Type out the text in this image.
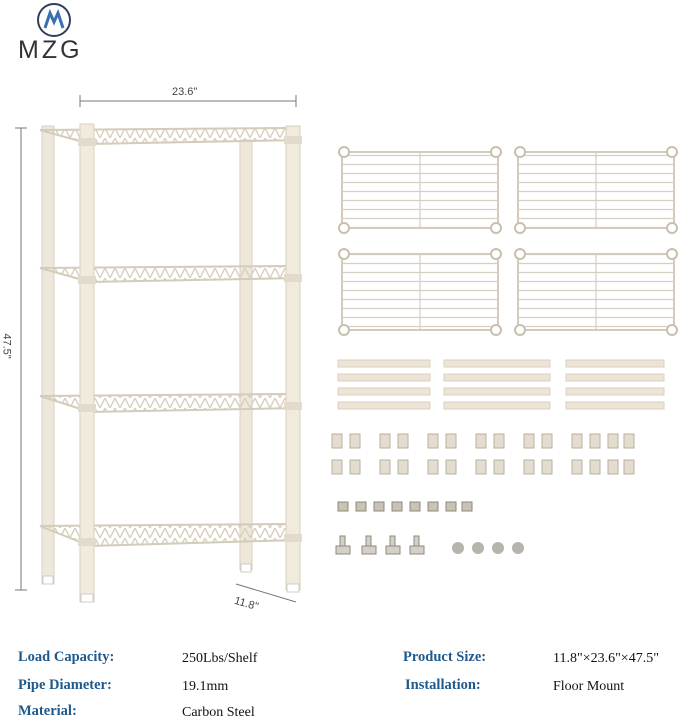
MZG
23.6"
47.5"
11.8"
Load Capacity:	250Lbs/Shelf	Product Size:	11.8"×23.6"×47.5"
Pipe Diameter:	19.1mm	Installation:	Floor Mount
Material:	Carbon Steel
